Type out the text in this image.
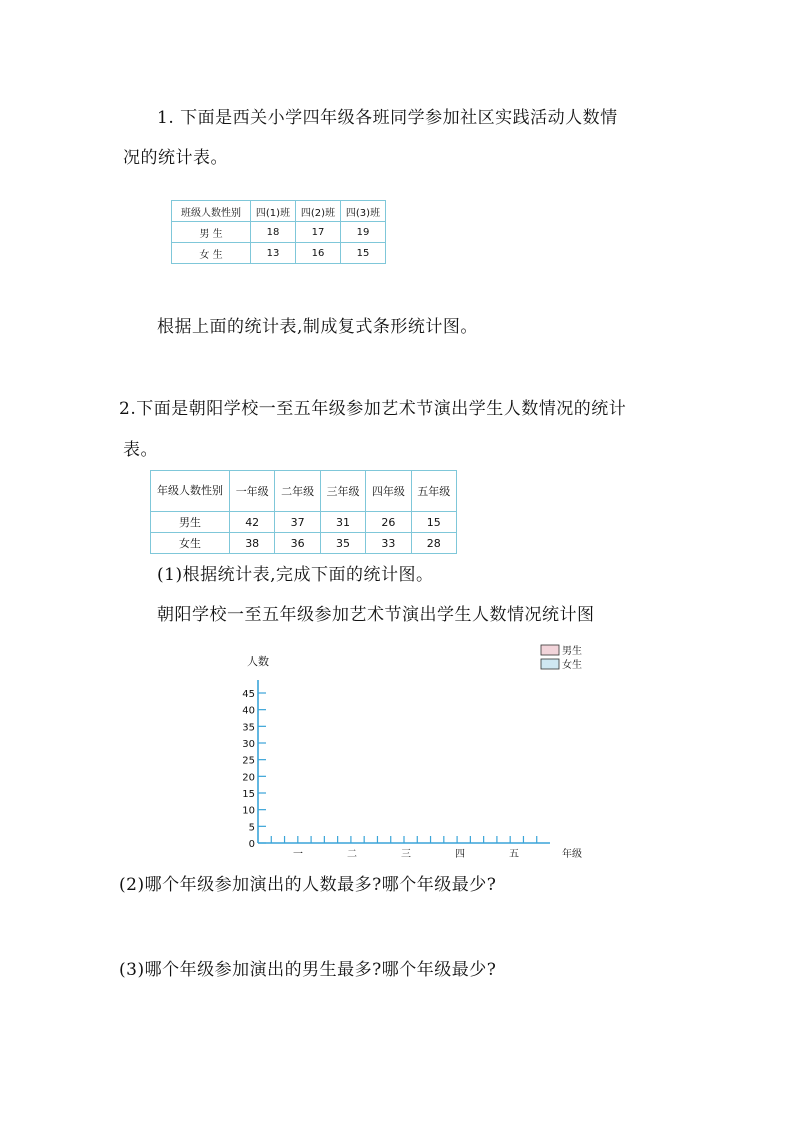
1. 下面是西关小学四年级各班同学参加社区实践活动人数情
况的统计表。
班级人数性别	四(1)班	四(2)班	四(3)班
男 生	18	17	19
女 生	13	16	15
根据上面的统计表,制成复式条形统计图。
2.下面是朝阳学校一至五年级参加艺术节演出学生人数情况的统计
表。
年级人数性别	一年级	二年级	三年级	四年级	五年级
男生	42	37	31	26	15
女生	38	36	35	33	28
(1)根据统计表,完成下面的统计图。
朝阳学校一至五年级参加艺术节演出学生人数情况统计图
0
5
10
15
20
25
30
35
40
45
人数
一	二	三	四	五	年级
男生
女生
(2)哪个年级参加演出的人数最多?哪个年级最少?
(3)哪个年级参加演出的男生最多?哪个年级最少?
